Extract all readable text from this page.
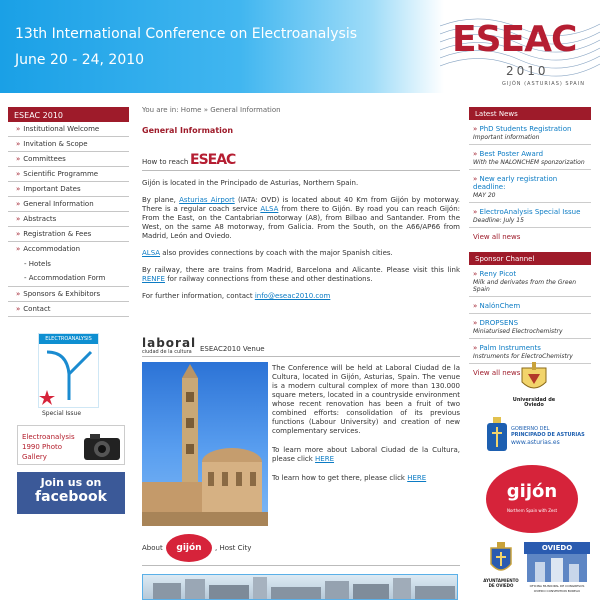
13th International Conference on Electroanalysis
June 20 - 24, 2010	ESEAC
2010
GIJÓN (ASTURIAS) SPAIN
ESEAC 2010
» Institutional Welcome
» Invitation & Scope
» Committees
» Scientific Programme
» Important Dates
» General Information
» Abstracts
» Registration & Fees
» Accommodation
- Hotels
- Accommodation Form
» Sponsors & Exhibitors
» Contact
ELECTROANALYSIS
Special Issue
Electroanalysis 1990 Photo Gallery
Join us on
facebook
You are in: Home » General Information
General Information
How to reach ESEAC
Gijón is located in the Principado de Asturias, Northern Spain.
By plane, Asturias Airport (IATA: OVD) is located about 40 Km from Gijón by motorway. There is a regular coach service ALSA from there to Gijón. By road you can reach Gijón: From the East, on the Cantabrian motorway (A8), from Bilbao and Santander. From the West, on the same A8 motorway, from Galicia. From the South, on the A66/AP66 from Madrid, León and Oviedo.
ALSA also provides connections by coach with the major Spanish cities.
By railway, there are trains from Madrid, Barcelona and Alicante. Please visit this link RENFE for railway connections from these and other destinations.
For further information, contact info@eseac2010.com
laboral
ciudad de la cultura ESEAC2010 Venue
The Conference will be held at Laboral Ciudad de la Cultura, located in Gijón, Asturias, Spain. The venue is a modern cultural complex of more than 130.000 square meters, located in a countryside environment whose recent renovation has been a fruit of two combined efforts: consolidation of its previous functions (Labour University) and creation of new complementary services.
To learn more about Laboral Ciudad de la Cultura, please click HERE
To learn how to get there, please click HERE
About	gijón	, Host City
Latest News
» PhD Students Registration
Important information
» Best Poster Award
With the NALONCHEM sponzorization
» New early registration deadline:
MAY 20
» ElectroAnalysis Special Issue
Deadline: July 15
View all news
Sponsor Channel
» Reny Picot
Milk and derivates from the Green Spain
» NalónChem
» DROPSENS
Miniaturised Electrochemistry
» Palm Instruments
Instruments for ElectroChemistry
View all news
Universidad de Oviedo
GOBIERNO DEL
PRINCIPADO DE ASTURIAS
www.asturias.es
gijón
Northern Spain with Zest
AYUNTAMIENTO
DE OVIEDO
OVIEDO
OFICINA MUNICIPAL DE CONGRESOS OVIEDO CONVENTION BUREAU
